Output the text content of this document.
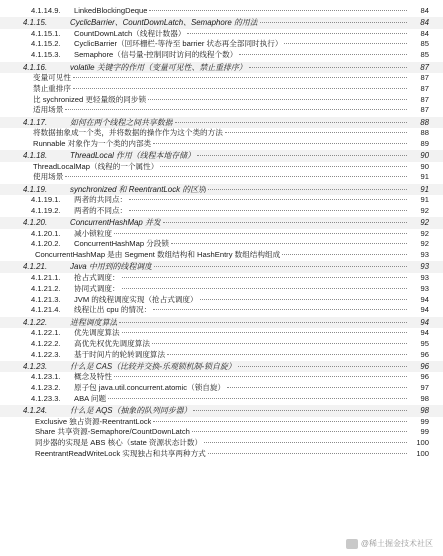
4.1.14.9.	LinkedBlockingDeque	84
4.1.15.	CyclicBarrier、CountDownLatch、Semaphore 的用法	84
4.1.15.1.	CountDownLatch（线程计数器）	84
4.1.15.2.	CyclicBarrier（回环栅栏-等待至 barrier 状态再全部同时执行）	85
4.1.15.3.	Semaphore（信号量-控制同时访问的线程个数）	85
4.1.16.	volatile 关键字的作用（变量可见性、禁止重排序）	87
变量可见性	87
禁止重排序	87
比 sychronized 更轻量级的同步锁	87
适用场景	87
4.1.17.	如何在两个线程之间共享数据	88
将数据抽象成一个类，并将数据的操作作为这个类的方法	88
Runnable 对象作为一个类的内部类	89
4.1.18.	ThreadLocal 作用（线程本地存储）	90
ThreadLocalMap（线程的一个属性）	90
使用场景	91
4.1.19.	synchronized 和 ReentrantLock 的区别	91
4.1.19.1.	两者的共同点：	91
4.1.19.2.	两者的不同点：	92
4.1.20.	ConcurrentHashMap 并发	92
4.1.20.1.	减小锁粒度	92
4.1.20.2.	ConcurrentHashMap 分段锁	92
ConcurrentHashMap 是由 Segment 数组结构和 HashEntry 数组结构组成	93
4.1.21.	Java 中用到的线程调度	93
4.1.21.1.	抢占式调度：	93
4.1.21.2.	协同式调度：	93
4.1.21.3.	JVM 的线程调度实现（抢占式调度）	94
4.1.21.4.	线程让出 cpu 的情况：	94
4.1.22.	进程调度算法	94
4.1.22.1.	优先调度算法	94
4.1.22.2.	高优先权优先调度算法	95
4.1.22.3.	基于时间片的轮转调度算法	96
4.1.23.	什么是 CAS（比较并交换-乐观锁机制-锁自旋）	96
4.1.23.1.	概念及特性	96
4.1.23.2.	原子包 java.util.concurrent.atomic（锁自旋）	97
4.1.23.3.	ABA 问题	98
4.1.24.	什么是 AQS（抽象的队列同步器）	98
Exclusive 独占资源-ReentrantLock	99
Share 共享资源-Semaphore/CountDownLatch	99
同步器的实现是 ABS 核心（state 资源状态计数）	100
ReentrantReadWriteLock 实现独占和共享两种方式	100
@稀土掘金技术社区
